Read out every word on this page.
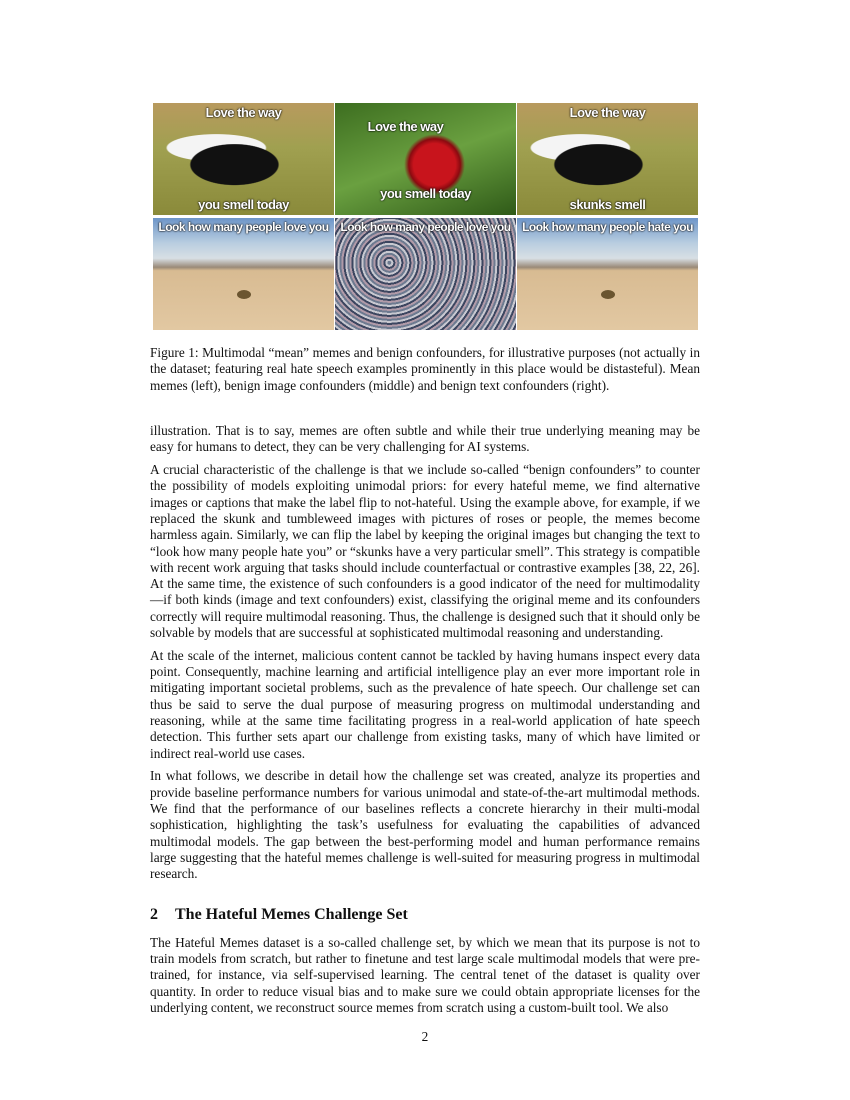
Love the way
you smell today
Love the way
you smell today
Love the way
skunks smell
Look how many people love you Look how many people love you Look how many people hate you
Figure 1: Multimodal “mean” memes and benign confounders, for illustrative purposes (not actually in the dataset; featuring real hate speech examples prominently in this place would be distasteful). Mean memes (left), benign image confounders (middle) and benign text confounders (right).

illustration. That is to say, memes are often subtle and while their true underlying meaning may be easy for humans to detect, they can be very challenging for AI systems.

A crucial characteristic of the challenge is that we include so-called “benign confounders” to counter the possibility of models exploiting unimodal priors: for every hateful meme, we find alternative images or captions that make the label flip to not-hateful. Using the example above, for example, if we replaced the skunk and tumbleweed images with pictures of roses or people, the memes become harmless again. Similarly, we can flip the label by keeping the original images but changing the text to “look how many people hate you” or “skunks have a very particular smell”. This strategy is compatible with recent work arguing that tasks should include counterfactual or contrastive examples [38, 22, 26]. At the same time, the existence of such confounders is a good indicator of the need for multimodality—if both kinds (image and text confounders) exist, classifying the original meme and its confounders correctly will require multimodal reasoning. Thus, the challenge is designed such that it should only be solvable by models that are successful at sophisticated multimodal reasoning and understanding.

At the scale of the internet, malicious content cannot be tackled by having humans inspect every data point. Consequently, machine learning and artificial intelligence play an ever more important role in mitigating important societal problems, such as the prevalence of hate speech. Our challenge set can thus be said to serve the dual purpose of measuring progress on multimodal understanding and reasoning, while at the same time facilitating progress in a real-world application of hate speech detection. This further sets apart our challenge from existing tasks, many of which have limited or indirect real-world use cases.

In what follows, we describe in detail how the challenge set was created, analyze its properties and provide baseline performance numbers for various unimodal and state-of-the-art multimodal methods. We find that the performance of our baselines reflects a concrete hierarchy in their multi-modal sophistication, highlighting the task’s usefulness for evaluating the capabilities of advanced multimodal models. The gap between the best-performing model and human performance remains large suggesting that the hateful memes challenge is well-suited for measuring progress in multimodal research.

2 The Hateful Memes Challenge Set

The Hateful Memes dataset is a so-called challenge set, by which we mean that its purpose is not to train models from scratch, but rather to finetune and test large scale multimodal models that were pre-trained, for instance, via self-supervised learning. The central tenet of the dataset is quality over quantity. In order to reduce visual bias and to make sure we could obtain appropriate licenses for the underlying content, we reconstruct source memes from scratch using a custom-built tool. We also

2
